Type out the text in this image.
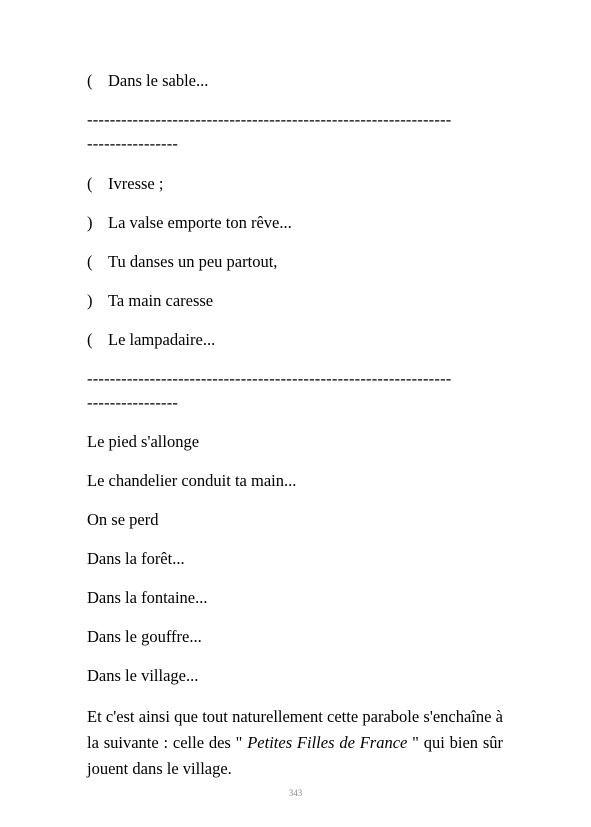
( Dans le sable...
----------------------------------------------------------------
----------------
( Ivresse ;
) La valse emporte ton rêve...
( Tu danses un peu partout,
) Ta main caresse
( Le lampadaire...
----------------------------------------------------------------
----------------
Le pied s'allonge
Le chandelier conduit ta main...
On se perd
Dans la forêt...
Dans la fontaine...
Dans le gouffre...
Dans le village...
Et c'est ainsi que tout naturellement cette parabole s'enchaîne à la suivante : celle des " Petites Filles de France " qui bien sûr jouent dans le village.
343
